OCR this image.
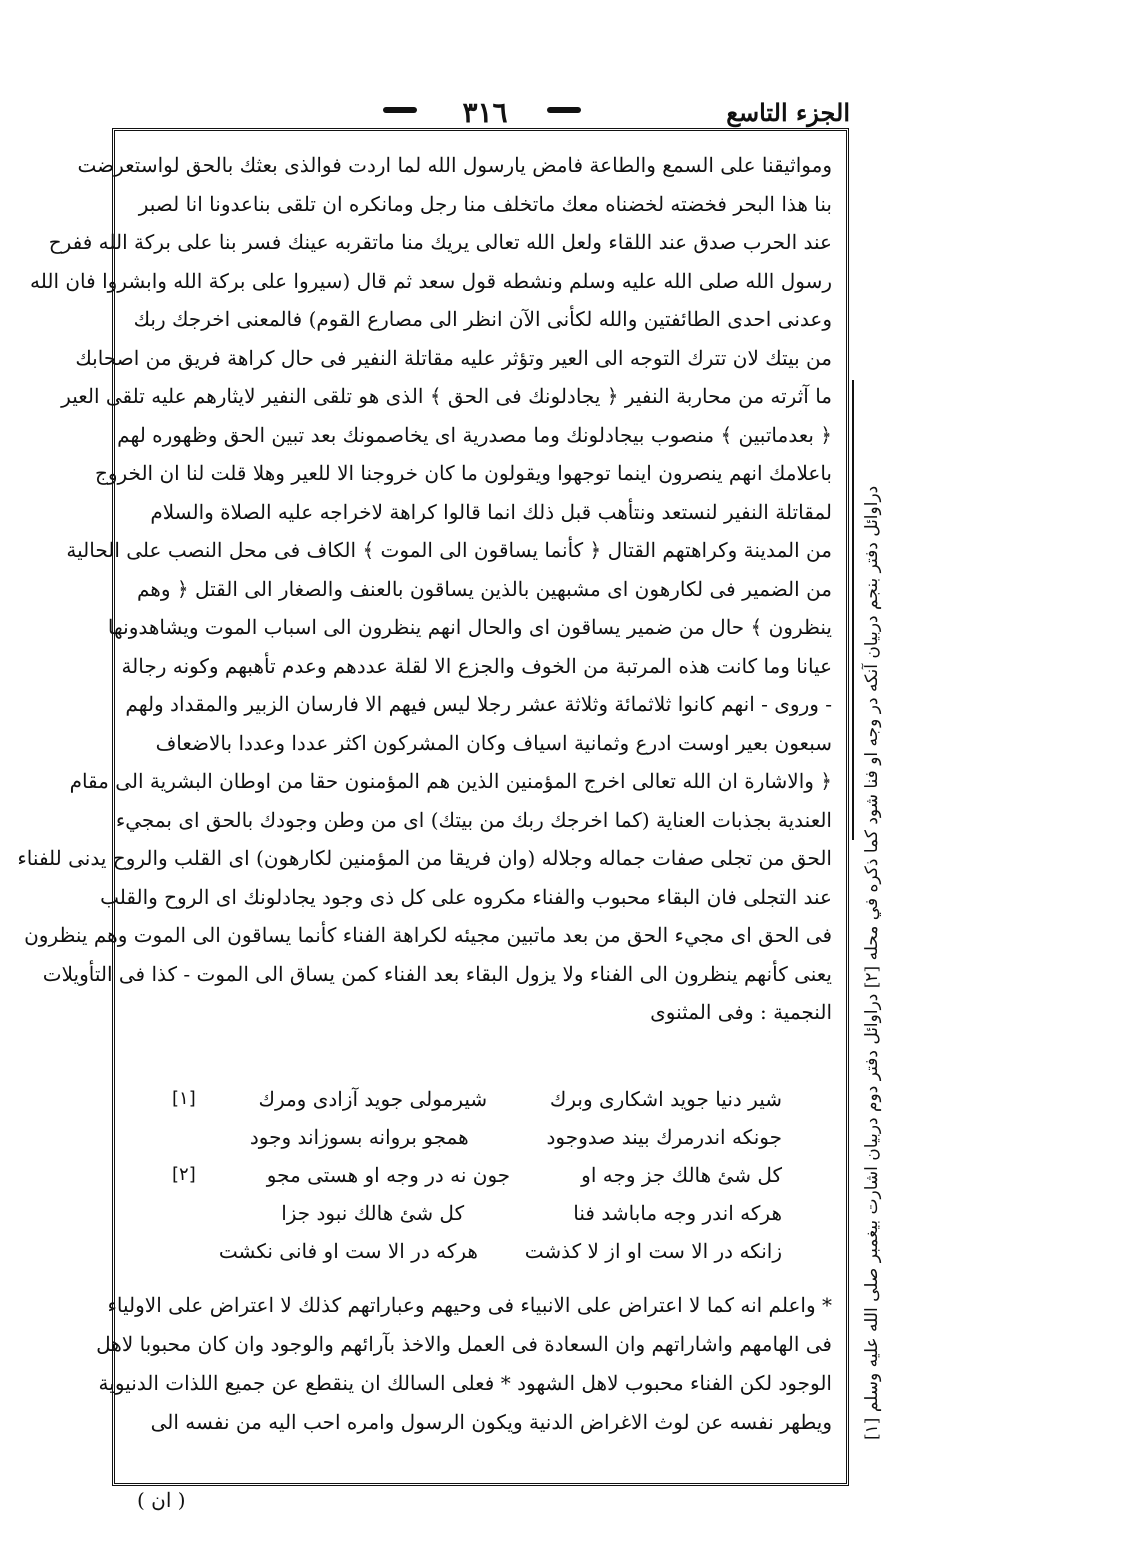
الجزء التاسع
٣١٦
ومواثيقنا على السمع والطاعة فامض يارسول الله لما اردت فوالذى بعثك بالحق لواستعرضت
بنا هذا البحر فخضته لخضناه معك ماتخلف منا رجل ومانكره ان تلقى بناعدونا انا لصبر
عند الحرب صدق عند اللقاء ولعل الله تعالى يريك منا ماتقربه عينك فسر بنا على بركة الله ففرح
رسول الله صلى الله عليه وسلم ونشطه قول سعد ثم قال (سيروا على بركة الله وابشروا فان الله
وعدنى احدى الطائفتين والله لكأنى الآن انظر الى مصارع القوم) فالمعنى اخرجك ربك
من بيتك لان تترك التوجه الى العير وتؤثر عليه مقاتلة النفير فى حال كراهة فريق من اصحابك
ما آثرته من محاربة النفير ﴿ يجادلونك فى الحق ﴾ الذى هو تلقى النفير لايثارهم عليه تلقى العير
﴿ بعدماتبين ﴾ منصوب بيجادلونك وما مصدرية اى يخاصمونك بعد تبين الحق وظهوره لهم
باعلامك انهم ينصرون اينما توجهوا ويقولون ما كان خروجنا الا للعير وهلا قلت لنا ان الخروج
لمقاتلة النفير لنستعد ونتأهب قبل ذلك انما قالوا كراهة لاخراجه عليه الصلاة والسلام
من المدينة وكراهتهم القتال ﴿ كأنما يساقون الى الموت ﴾ الكاف فى محل النصب على الحالية
من الضمير فى لكارهون اى مشبهين بالذين يساقون بالعنف والصغار الى القتل ﴿ وهم
ينظرون ﴾ حال من ضمير يساقون اى والحال انهم ينظرون الى اسباب الموت ويشاهدونها
عيانا وما كانت هذه المرتبة من الخوف والجزع الا لقلة عددهم وعدم تأهبهم وكونه رجالة
- وروى - انهم كانوا ثلاثمائة وثلاثة عشر رجلا ليس فيهم الا فارسان الزبير والمقداد ولهم
سبعون بعير اوست ادرع وثمانية اسياف وكان المشركون اكثر عددا وعددا بالاضعاف
﴿ والاشارة ان الله تعالى اخرج المؤمنين الذين هم المؤمنون حقا من اوطان البشرية الى مقام
العندية بجذبات العناية (كما اخرجك ربك من بيتك) اى من وطن وجودك بالحق اى بمجيء
الحق من تجلى صفات جماله وجلاله (وان فريقا من المؤمنين لكارهون) اى القلب والروح يدنى للفناء
عند التجلى فان البقاء محبوب والفناء مكروه على كل ذى وجود يجادلونك اى الروح والقلب
فى الحق اى مجيء الحق من بعد ماتبين مجيئه لكراهة الفناء كأنما يساقون الى الموت وهم ينظرون
يعنى كأنهم ينظرون الى الفناء ولا يزول البقاء بعد الفناء كمن يساق الى الموت - كذا فى التأويلات
النجمية : وفى المثنوى
شير دنيا جويد اشكارى وبرك
شيرمولى جويد آزادى ومرك
[١]
جونكه اندرمرك بيند صدوجود
همجو بروانه بسوزاند وجود
كل شئ هالك جز وجه او
جون نه در وجه او هستى مجو
[٢]
هركه اندر وجه ماباشد فنا
كل شئ هالك نبود جزا
زانكه در الا ست او از لا كذشت
هركه در الا ست او فانى نكشت
* واعلم انه كما لا اعتراض على الانبياء فى وحيهم وعباراتهم كذلك لا اعتراض على الاولياء
فى الهامهم واشاراتهم وان السعادة فى العمل والاخذ بآرائهم والوجود وان كان محبوبا لاهل
الوجود لكن الفناء محبوب لاهل الشهود * فعلى السالك ان ينقطع عن جميع اللذات الدنيوية
ويطهر نفسه عن لوث الاغراض الدنية ويكون الرسول وامره احب اليه من نفسه الى
( ان )
[١] دراوائل دفتر بنجم دربيان آنكه در وجه او فنا شود كما ذكره في محله [٢] دراوائل دفتر دوم دربيان اشارت بيغمبر صلى الله عليه وسلم
